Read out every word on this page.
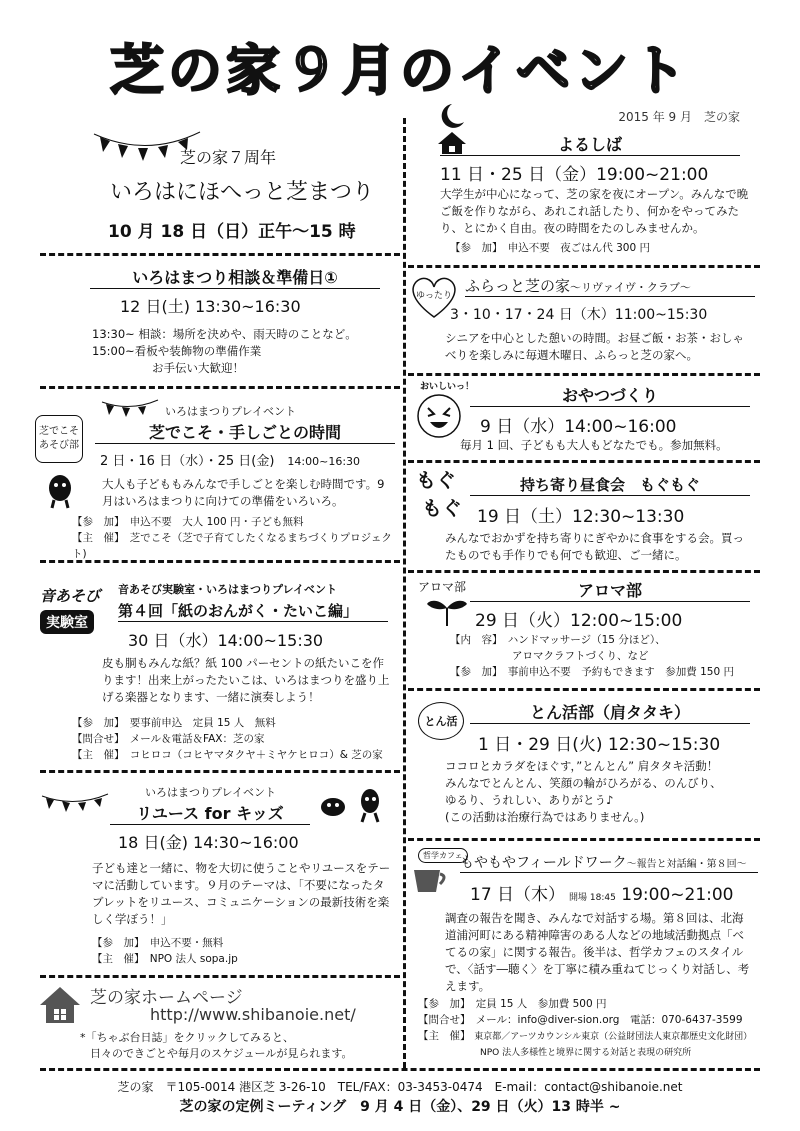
芝の家９月のイベント
2015 年 9 月　芝の家
芝の家７周年
いろはにほへっと芝まつり
10 月 18 日（日）正午〜15 時
いろはまつり相談＆準備日①
12 日(土) 13:30~16:30

13:30~ 相談：場所を決めや、雨天時のことなど。

15:00~看板や装飾物の準備作業

お手伝い大歓迎！

芝でこそ
あそび部
いろはまつりプレイベント
芝でこそ・手しごとの時間
2 日・16 日（水）・25 日(金)　 14:00~16:30
大人も子どももみんなで手しごとを楽しむ時間です。9 月はいろはまつりに向けての準備をいろいろ。

【参　加】　 申込不要　大人 100 円・子ども無料

【主　催】　 芝でこそ（芝で子育てしたくなるまちづくりプロジェクト)

音あそび
実験室
音あそび実験室・いろはまつりプレイベント
第４回「紙のおんがく・たいこ編」
30 日（水）14:00~15:30
皮も胴もみんな紙？紙 100 パーセントの紙たいこを作ります！出来上がったたいこは、いろはまつりを盛り上げる楽器となります、一緒に演奏しよう！

【参　加】　 要事前申込　定員 15 人　無料

【問合せ】　 メール＆電話＆FAX：芝の家

【主　催】　 コヒロコ（コヒヤマタクヤ＋ミヤケヒロコ）& 芝の家

いろはまつりプレイベント
リユース for キッズ
18 日(金) 14:30~16:00
子ども達と一緒に、物を大切に使うことやリユースをテーマに活動しています。９月のテーマは、「不要になったタブレットをリユース、コミュニケーションの最新技術を楽しく学ぼう！」

【参　加】　 申込不要・無料

【主　催】　 NPO 法人 sopa.jp

芝の家ホームページ
http://www.shibanoie.net/

*「ちゃぶ台日誌」をクリックしてみると、

日々のできごとや毎月のスケジュールが見られます。

よるしば
11 日・25 日（金）19:00~21:00
大学生が中心になって、芝の家を夜にオープン。みんなで晩ご飯を作りながら、あれこれ話したり、何かをやってみたり、とにかく自由。夜の時間をたのしみませんか。
【参　加】　 申込不要　夜ごはん代 300 円
ゆったり
ふらっと芝の家〜リヴァイヴ・クラブ〜
3・10・17・24 日（木）11:00~15:30
シニアを中心とした憩いの時間。お昼ご飯・お茶・おしゃべりを楽しみに毎週木曜日、ふらっと芝の家へ。
おいしいっ！	おやつづくり
9 日（水）14:00~16:00
毎月 1 回、子どもも大人もどなたでも。参加無料。

もぐ

もぐ

持ち寄り昼食会　もぐもぐ
19 日（土）12:30~13:30
みんなでおかずを持ち寄りにぎやかに食事をする会。買ったものでも手作りでも何でも歓迎、ご一緒に。
アロマ部	アロマ部
29 日（火）12:00~15:00

【内　容】　 ハンドマッサージ（15 分ほど）、

アロマクラフトづくり、など

【参　加】　 事前申込不要　予約もできます　参加費 150 円

とん活	とん活部（肩タタキ）
1 日・29 日(火) 12:30~15:30

ココロとカラダをほぐす，”とんとん” 肩タタキ活動！

みんなでとんとん、笑顔の輪がひろがる、のんびり、

ゆるり、うれしい、ありがとう♪

(この活動は治療行為ではありません。)

哲学カフェ
もやもやフィールドワーク〜報告と対話編・第８回〜
17 日（木） 開場 18:45 19:00~21:00
調査の報告を聞き、みんなで対話する場。第８回は、北海道浦河町にある精神障害のある人などの地域活動拠点「べてるの家」に関する報告。後半は、哲学カフェのスタイルで、〈話す―聴く〉を丁寧に積み重ねてじっくり対話し、考えます。

【参　加】　 定員 15 人　参加費 500 円

【問合せ】　 メール：info@diver-sion.org　電話：070-6437-3599

【主　催】　 東京都／アーツカウンシル東京（公益財団法人東京都歴史文化財団）

NPO 法人多様性と境界に関する対話と表現の研究所

芝の家　〒105-0014 港区芝 3-26-10　TEL/FAX：03-3453-0474　E-mail：contact@shibanoie.net
芝の家の定例ミーティング　9 月 4 日（金）、29 日（火）13 時半 ~
